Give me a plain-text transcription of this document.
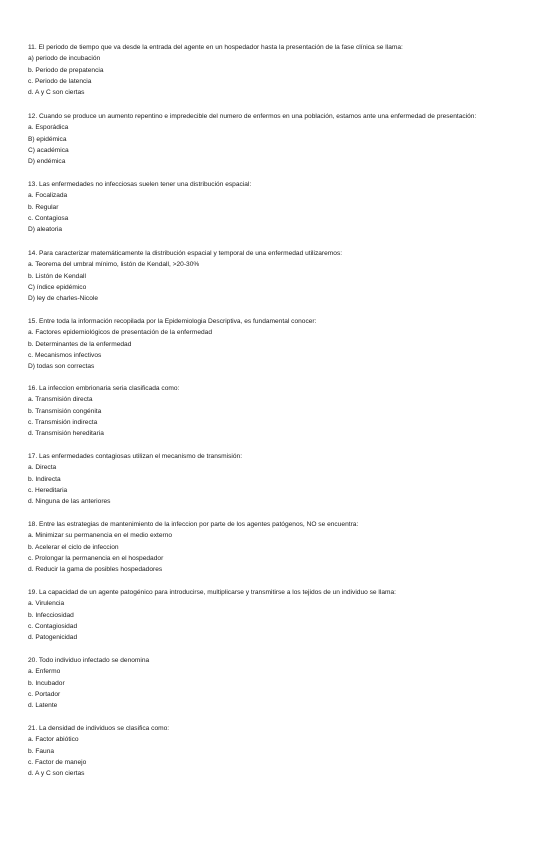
11. El periodo de tiempo que va desde la entrada del agente en un hospedador hasta la presentación de la fase clínica se llama:
a) periodo de incubación
b. Periodo de prepatencia
c. Periodo de latencia
d. A y C son ciertas
12. Cuando se produce un aumento repentino e impredecible del numero de enfermos en una población, estamos ante una enfermedad de presentación:
a. Esporádica
B) epidémica
C) académica
D) endémica
13. Las enfermedades no infecciosas suelen tener una distribución espacial:
a. Focalizada
b. Regular
c. Contagiosa
D) aleatoria
14. Para caracterizar matemáticamente la distribución espacial y temporal de una enfermedad utilizaremos:
a. Teorema del umbral mínimo, listón de Kendall, >20-30%
b. Listón de Kendall
C) índice epidémico
D) ley de charles-Nicole
15. Entre toda la información recopilada por la Epidemiologia Descriptiva, es fundamental conocer:
a. Factores epidemiológicos de presentación de la enfermedad
b. Determinantes de la enfermedad
c. Mecanismos infectivos
D) todas son correctas
16. La infeccion embrionaria seria clasificada como:
a. Transmisión directa
b. Transmisión congénita
c. Transmisión indirecta
d. Transmisión hereditaria
17. Las enfermedades contagiosas utilizan el mecanismo de transmisión:
a. Directa
b. Indirecta
c. Hereditaria
d. Ninguna de las anteriores
18. Entre las estrategias de mantenimiento de la infeccion por parte de los agentes patógenos, NO se encuentra:
a. Minimizar su permanencia en el medio externo
b. Acelerar el ciclo de infeccion
c. Prolongar la permanencia en el hospedador
d. Reducir la gama de posibles hospedadores
19. La capacidad de un agente patogénico para introducirse, multiplicarse y transmitirse a los tejidos de un individuo se llama:
a. Virulencia
b. Infecciosidad
c. Contagiosidad
d. Patogenicidad
20. Todo individuo infectado se denomina
a. Enfermo
b. Incubador
c. Portador
d. Latente
21. La densidad de individuos se clasifica como:
a. Factor abiótico
b. Fauna
c. Factor de manejo
d. A y C son ciertas
